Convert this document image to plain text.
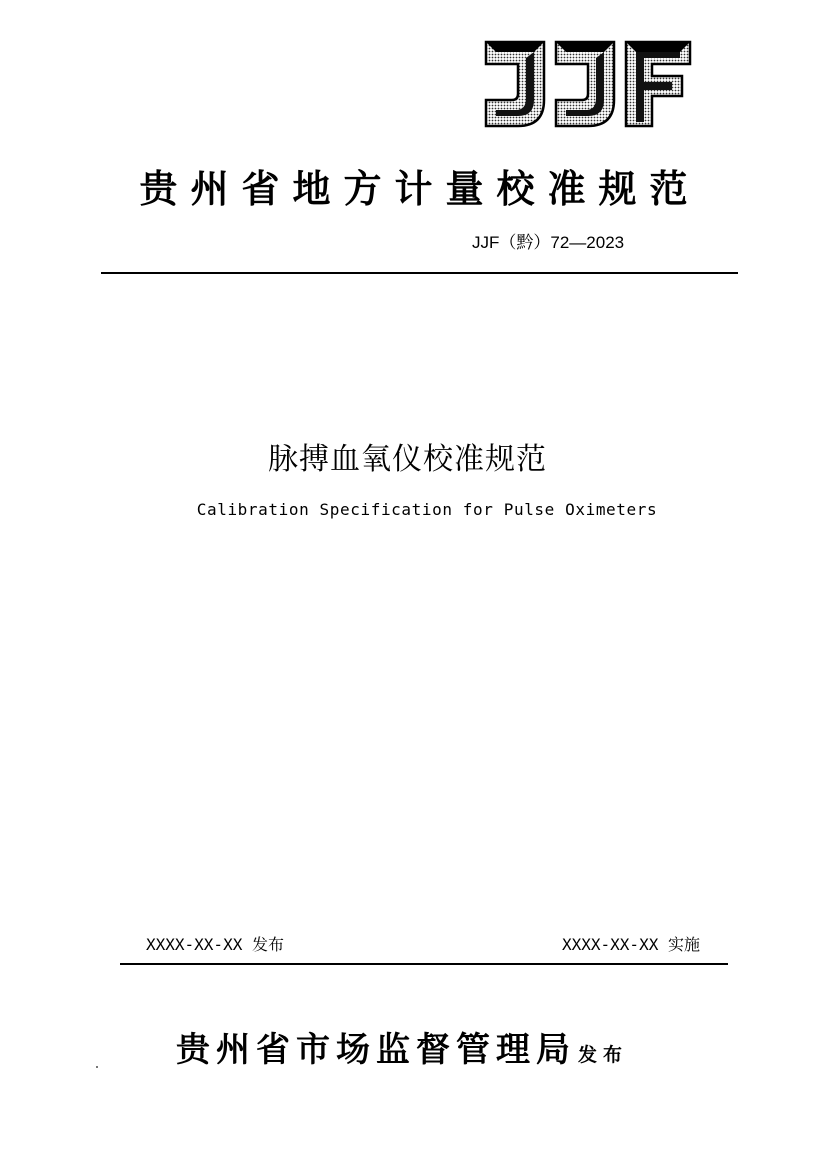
贵州省地方计量校准规范
JJF（黔）72—2023
脉搏血氧仪校准规范
Calibration Specification for Pulse Oximeters
XXXX-XX-XX 发布	XXXX-XX-XX 实施
贵州省市场监督管理局 发布
